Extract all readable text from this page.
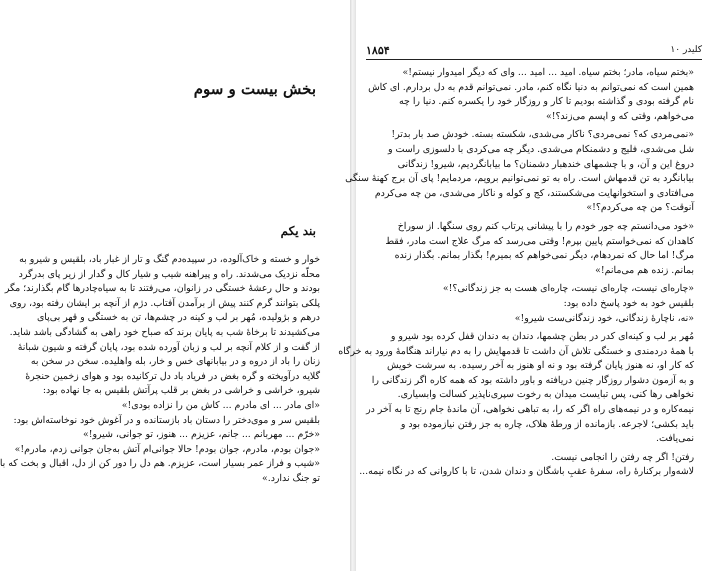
بخش بیست و سوم
بند یکم
خوار و خسته و خاک‌آلوده، در سپیده‌دم گنگ و تار از غبار باد، بلقیس و شیرو به
محلّه نزدیک می‌شدند. راه و پیراهنه شیب و شیار کال و گدار از زیر پای بدرگرد
بودند و حال رعشهٔ خستگی در زانوان، می‌رفتند تا به سیاه‌چادرها گام بگذارند؛ مگر
پلکی بتوانند گرم کنند پیش از برآمدن آفتاب. دژم از آنچه بر ایشان رفته بود، روی
درهم و بژولیده، مُهر بر لب و کینه در چشم‌ها، تن به خستگی و قهر بی‌پای
می‌کشیدند تا برخاهٔ شب به پایان برند که صباح خود راهی به گشادگی باشد شاید.
از گفت و از کلام آنچه بر لب و زبان آورده شده بود، پایان گرفته و شیون شبانهٔ
زنان را باد از دروه و در بیابانهای خس و خار، بله واهلیده. سخن در سخن به
گلایه درآویخته و گره بغض در فریاد باد دل ترکانیده بود و هوای زخمین حنجرهٔ
شیرو، خراشی و خراشی در بغض بر قلب پرآتش بلقیس به جا نهاده بود:
«ای مادر ... ای مادرم ... کاش من را نزاده بودی!»
بلقیس سر و موی‌دختر را دستان باد بازستانده و در آغوش خود نوخاسته‌اش بود:
«خرّم ... مهربانم ... جانم، عزیزم ... هنوز، تو جوانی، شیرو!»
«جوان بودم، مادرم، جوان بودم! حالا جوانی‌ام آتش به‌جان جوانی زدم، مادرم!»
«شیب و فراز عمر بسیار است، عزیزم. هم دل را دور کن از دل، اقبال و بخت که با
تو جنگ ندارد.»
۱۸۵۴	کلیدر ۱۰
«بختم سیاه، مادر؛ بختم سیاه. امید ... امید ... وای که دیگر امیدوار نیستم!»
همین است که نمی‌توانم به دنیا نگاه کنم، مادر. نمی‌توانم قدم به دل بردارم. ای کاش
نام گرفته بودی و گذاشته بودیم تا کار و روزگار خود را یکسره کنم. دنیا را چه
می‌خواهم، وقتی که و اپسم می‌زند؟!»
«نمی‌مردی که؟ نمی‌مردی؟ ناکار می‌شدی، شکسته بسته. خودش صد بار بدتر!
شل می‌شدی، فلیج و دشمنکام می‌شدی. دیگر چه می‌کردی با دلسوزی راست و
دروغ این و آن، و با چشمهای خندهبار دشمنان؟ ما بیابانگردیم، شیرو! زندگانی
بیابانگرد به تن قدمهاش است. راه به تو نمی‌توانیم برویم، مردمایم! پای آن برج کهنهٔ سنگی
می‌افتادی و استخوانهایت می‌شکستند، کج و کوله و ناکار می‌شدی، من چه می‌کردم
آنوقت؟ من چه می‌کردم؟!»
«خود می‌دانستم چه جور خودم را با پیشانی پرتاب کنم روی سنگها. از سوراخ
کاهدان که نمی‌خواستم پایین بپرم! وقتی می‌رسد که مرگ علاج است مادر، فقط
مرگ! اما حال که نمردهام، دیگر نمی‌خواهم که بمیرم! بگذار بمانم. بگذار زنده
بمانم. زنده هم می‌مانم!»
«چاره‌ای نیست، چاره‌ای نیست، چاره‌ای هست به جز زندگانی؟!»
بلقیس خود به خود پاسخ داده بود:
«نه، ناچارهٔ زندگانی، خود زندگانی‌ست شیرو!»
مُهر بر لب و کینه‌ای کدر در بطن چشمها، دندان به دندان قفل کرده بود شیرو و
با همهٔ دردمندی و خستگی تلاش آن داشت تا قدمهایش را به دم نیاراند هنگامهٔ ورود به خرگاه
که کار او، نه هنوز پایان گرفته بود و نه او هنوز به آخر رسیده. به سرشت خویش
و به آزمون دشوار روزگار چنین دریافته و باور داشته بود که همه کاره اگر زندگانی را
نخواهی رها کنی، پس تبایست میدان به رخوت سپری‌ناپذیر کسالت وابسیاری.
نیمه‌کاره و در نیمه‌های راه اگر که را، به تباهی نخواهی، آن ماندهٔ جام رنج تا به آخر در
باید بکشی؛ لاجرعه. بازمانده از ورطهٔ هلاک، چاره به جز رفتن نیازموده بود و
نمی‌یافت.
رفتن! اگر چه رفتن را انجامی نیست.
لاشه‌وار برکنارهٔ راه، سفرهٔ عقبِ باشگان و دندان شدن، تا با کاروانی که در نگاه نیمه...
